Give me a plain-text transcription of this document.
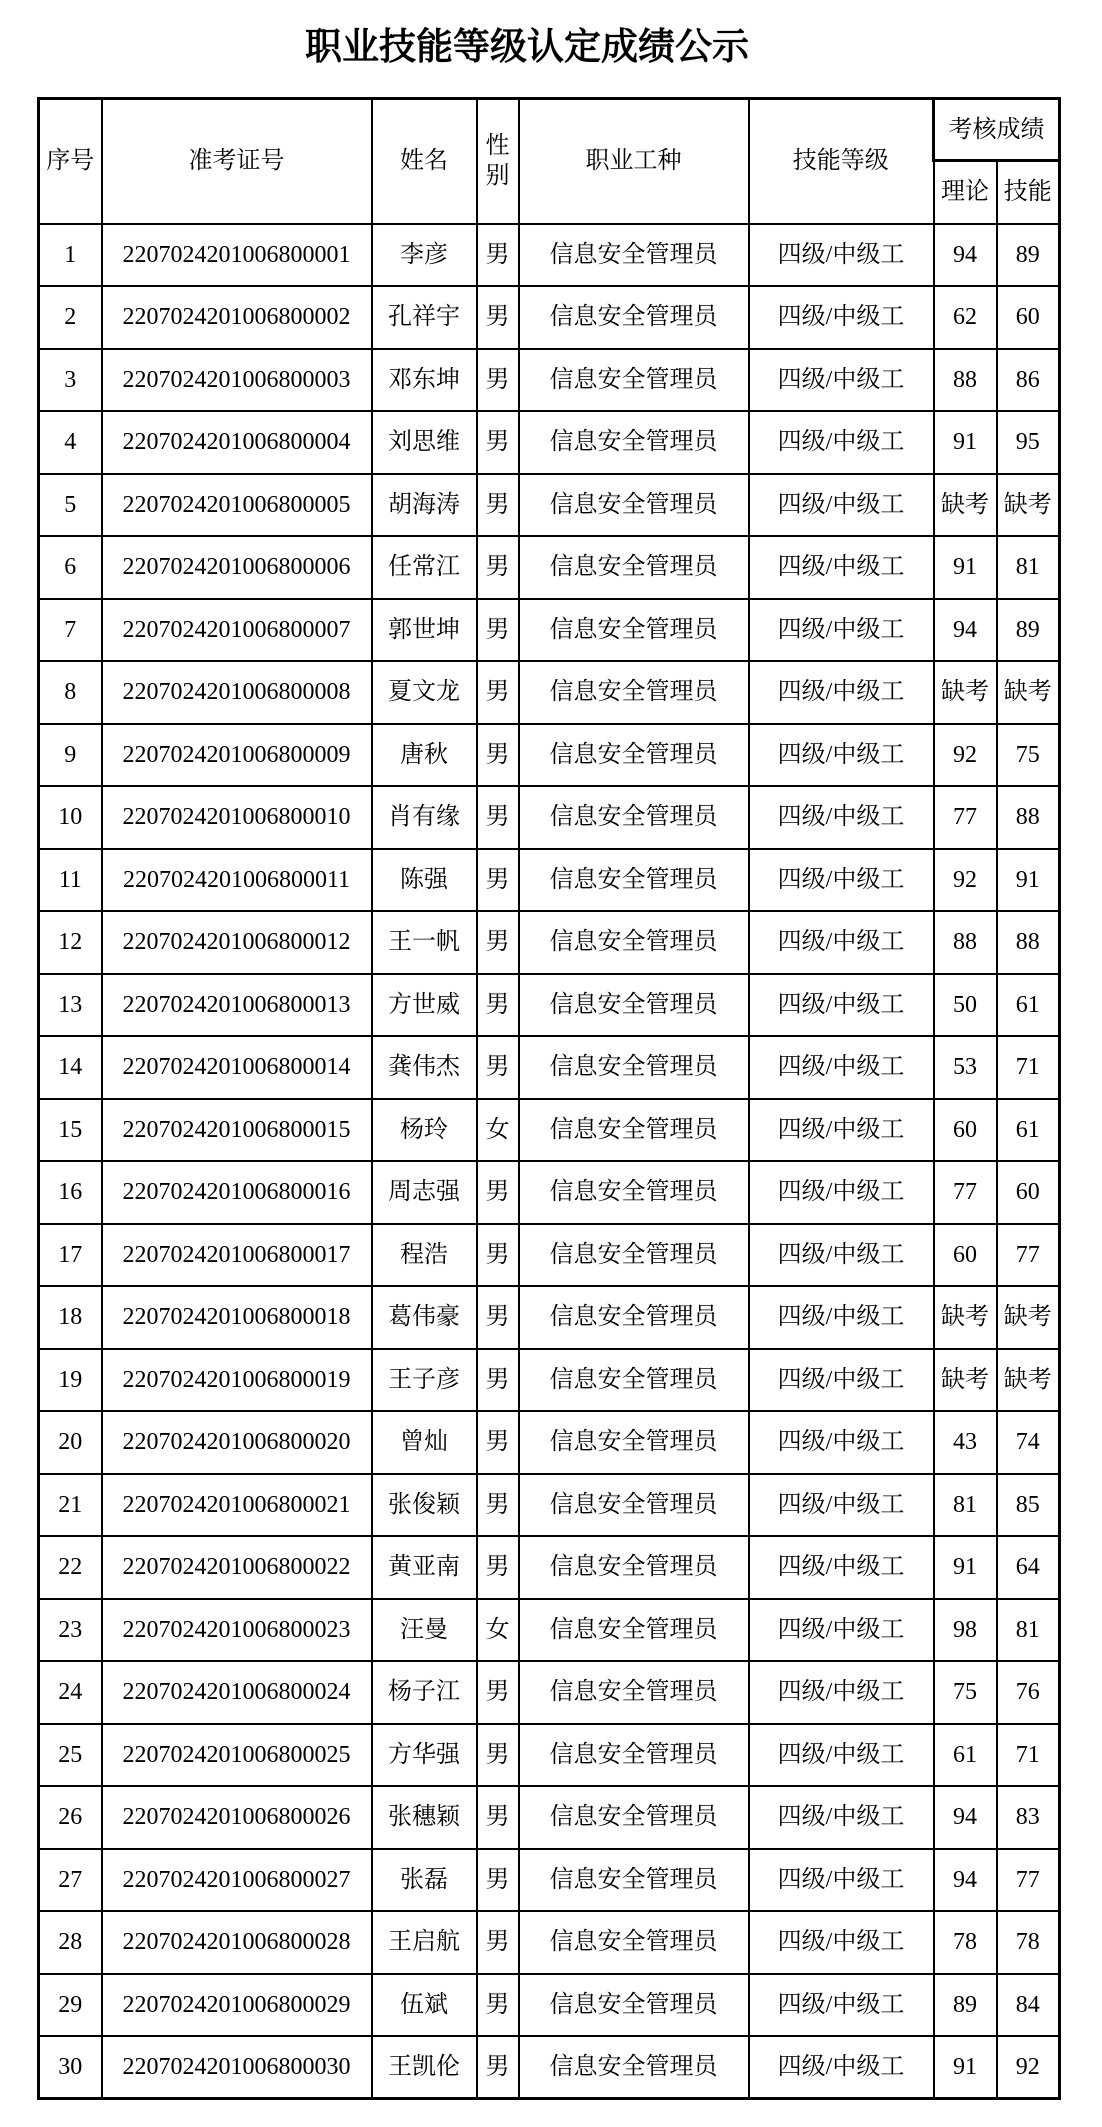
职业技能等级认定成绩公示
序号	准考证号	姓名	性别	职业工种	技能等级	考核成绩	
						理论	技能
1	2207024201006800001	李彦	男	信息安全管理员	四级/中级工	94	89
2	2207024201006800002	孔祥宇	男	信息安全管理员	四级/中级工	62	60
3	2207024201006800003	邓东坤	男	信息安全管理员	四级/中级工	88	86
4	2207024201006800004	刘思维	男	信息安全管理员	四级/中级工	91	95
5	2207024201006800005	胡海涛	男	信息安全管理员	四级/中级工	缺考	缺考
6	2207024201006800006	任常江	男	信息安全管理员	四级/中级工	91	81
7	2207024201006800007	郭世坤	男	信息安全管理员	四级/中级工	94	89
8	2207024201006800008	夏文龙	男	信息安全管理员	四级/中级工	缺考	缺考
9	2207024201006800009	唐秋	男	信息安全管理员	四级/中级工	92	75
10	2207024201006800010	肖有缘	男	信息安全管理员	四级/中级工	77	88
11	2207024201006800011	陈强	男	信息安全管理员	四级/中级工	92	91
12	2207024201006800012	王一帆	男	信息安全管理员	四级/中级工	88	88
13	2207024201006800013	方世威	男	信息安全管理员	四级/中级工	50	61
14	2207024201006800014	龚伟杰	男	信息安全管理员	四级/中级工	53	71
15	2207024201006800015	杨玲	女	信息安全管理员	四级/中级工	60	61
16	2207024201006800016	周志强	男	信息安全管理员	四级/中级工	77	60
17	2207024201006800017	程浩	男	信息安全管理员	四级/中级工	60	77
18	2207024201006800018	葛伟豪	男	信息安全管理员	四级/中级工	缺考	缺考
19	2207024201006800019	王子彦	男	信息安全管理员	四级/中级工	缺考	缺考
20	2207024201006800020	曾灿	男	信息安全管理员	四级/中级工	43	74
21	2207024201006800021	张俊颖	男	信息安全管理员	四级/中级工	81	85
22	2207024201006800022	黄亚南	男	信息安全管理员	四级/中级工	91	64
23	2207024201006800023	汪曼	女	信息安全管理员	四级/中级工	98	81
24	2207024201006800024	杨子江	男	信息安全管理员	四级/中级工	75	76
25	2207024201006800025	方华强	男	信息安全管理员	四级/中级工	61	71
26	2207024201006800026	张穗颖	男	信息安全管理员	四级/中级工	94	83
27	2207024201006800027	张磊	男	信息安全管理员	四级/中级工	94	77
28	2207024201006800028	王启航	男	信息安全管理员	四级/中级工	78	78
29	2207024201006800029	伍斌	男	信息安全管理员	四级/中级工	89	84
30	2207024201006800030	王凯伦	男	信息安全管理员	四级/中级工	91	92
